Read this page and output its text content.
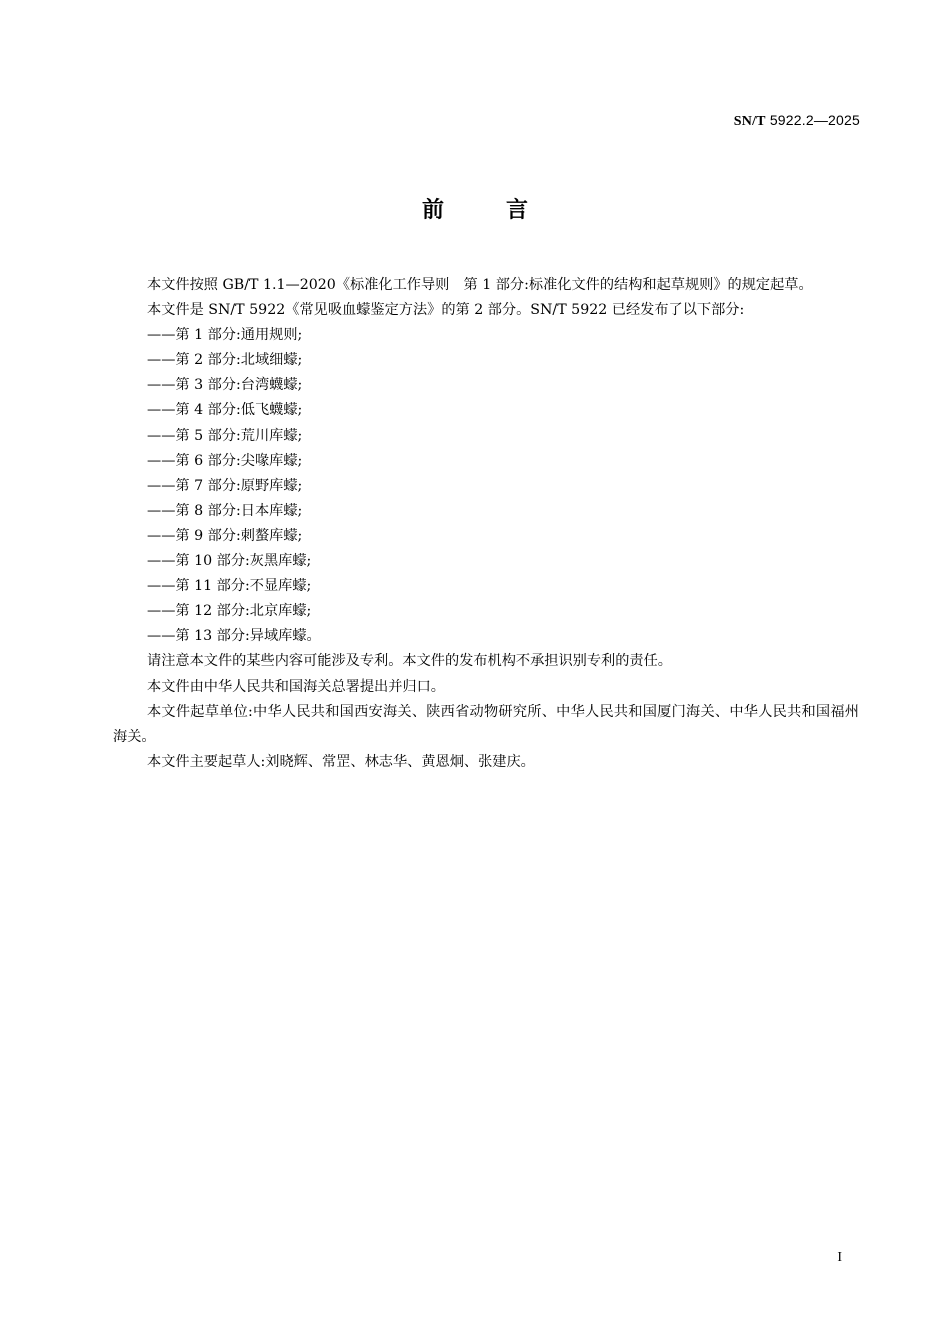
SN/T 5922.2—2025
前	言

本文件按照 GB/T 1.1—2020《标准化工作导则　第 1 部分:标准化文件的结构和起草规则》的规定起草。

本文件是 SN/T 5922《常见吸血蠓鉴定方法》的第 2 部分。SN/T 5922 已经发布了以下部分:

——第 1 部分:通用规则;
——第 2 部分:北域细蠓;
——第 3 部分:台湾蠛蠓;
——第 4 部分:低飞蠛蠓;
——第 5 部分:荒川库蠓;
——第 6 部分:尖喙库蠓;
——第 7 部分:原野库蠓;
——第 8 部分:日本库蠓;
——第 9 部分:刺螯库蠓;
——第 10 部分:灰黑库蠓;
——第 11 部分:不显库蠓;
——第 12 部分:北京库蠓;
——第 13 部分:异域库蠓。

请注意本文件的某些内容可能涉及专利。本文件的发布机构不承担识别专利的责任。

本文件由中华人民共和国海关总署提出并归口。

本文件起草单位:中华人民共和国西安海关、陕西省动物研究所、中华人民共和国厦门海关、中华人民共和国福州海关。

本文件主要起草人:刘晓辉、常罡、林志华、黄恩炯、张建庆。

I
